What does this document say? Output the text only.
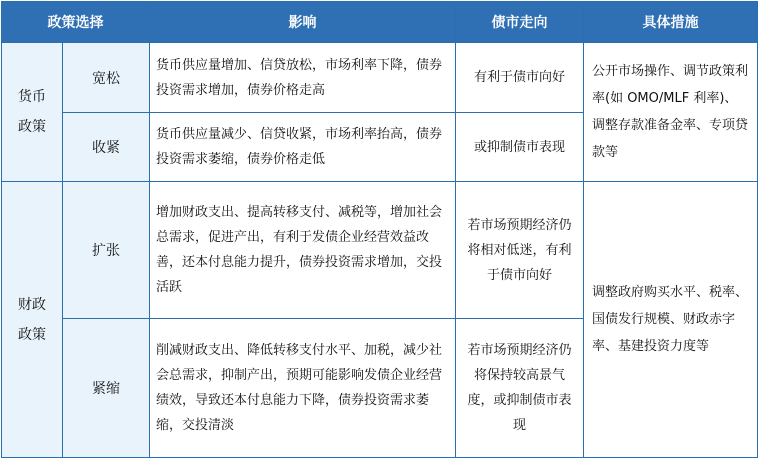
政策选择		影响	债市走向	具体措施

货币
政策	宽松	货币供应量增加、信贷放松，市场利率下降，债券投资需求增加，债券价格走高	有利于债市向好	公开市场操作、调节政策利率(如 OMO/MLF 利率)、调整存款准备金率、专项贷款等
	收紧	货币供应量减少、信贷收紧，市场利率抬高，债券投资需求萎缩，债券价格走低	或抑制债市表现	

财政
政策	扩张	增加财政支出、提高转移支付、减税等，增加社会总需求，促进产出，有利于发债企业经营效益改善，还本付息能力提升，债券投资需求增加，交投活跃	若市场预期经济仍将相对低迷，有利于债市向好	调整政府购买水平、税率、国债发行规模、财政赤字率、基建投资力度等
	紧缩	削减财政支出、降低转移支付水平、加税，减少社会总需求，抑制产出，预期可能影响发债企业经营绩效，导致还本付息能力下降，债券投资需求萎缩，交投清淡	若市场预期经济仍将保持较高景气度，或抑制债市表现	
